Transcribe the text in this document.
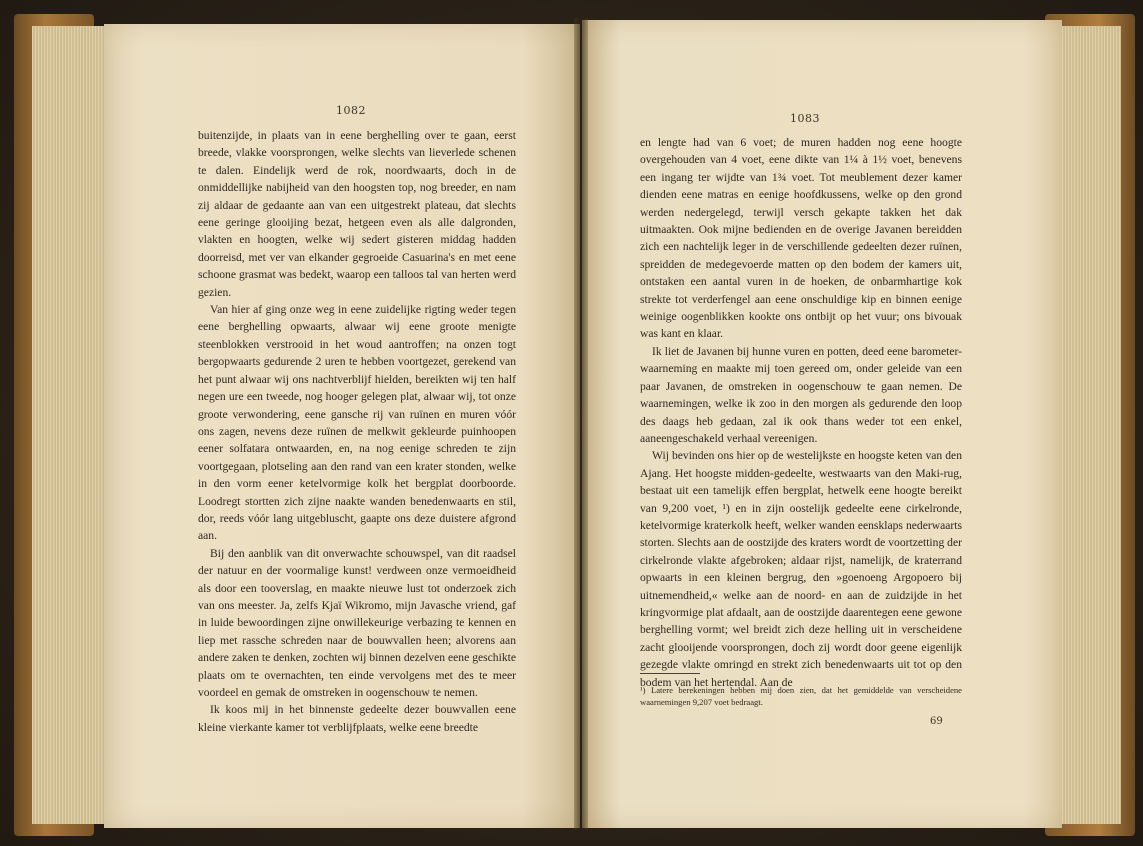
1082

buitenzijde, in plaats van in eene berghelling over te gaan, eerst breede, vlakke voorsprongen, welke slechts van lieverlede schenen te dalen. Eindelijk werd de rok, noordwaarts, doch in de onmiddellijke nabijheid van den hoogsten top, nog breeder, en nam zij aldaar de gedaante aan van een uitgestrekt plateau, dat slechts eene geringe glooijing bezat, hetgeen even als alle dalgronden, vlakten en hoogten, welke wij sedert gisteren middag hadden doorreisd, met ver van elkander gegroeide Casuarina's en met eene schoone grasmat was bedekt, waarop een talloos tal van herten werd gezien.

Van hier af ging onze weg in eene zuidelijke rigting weder tegen eene berghelling opwaarts, alwaar wij eene groote menigte steenblokken verstrooid in het woud aantroffen; na onzen togt bergopwaarts gedurende 2 uren te hebben voortgezet, gerekend van het punt alwaar wij ons nachtverblijf hielden, bereikten wij ten half negen ure een tweede, nog hooger gelegen plat, alwaar wij, tot onze groote verwondering, eene gansche rij van ruïnen en muren vóór ons zagen, nevens deze ruïnen de melkwit gekleurde puinhoopen eener solfatara ontwaarden, en, na nog eenige schreden te zijn voortgegaan, plotseling aan den rand van een krater stonden, welke in den vorm eener ketelvormige kolk het bergplat doorboorde. Loodregt stortten zich zijne naakte wanden benedenwaarts en stil, dor, reeds vóór lang uitgebluscht, gaapte ons deze duistere afgrond aan.

Bij den aanblik van dit onverwachte schouwspel, van dit raadsel der natuur en der voormalige kunst! verdween onze vermoeidheid als door een tooverslag, en maakte nieuwe lust tot onderzoek zich van ons meester. Ja, zelfs Kjaï Wikromo, mijn Javasche vriend, gaf in luide bewoordingen zijne onwillekeurige verbazing te kennen en liep met rassche schreden naar de bouwvallen heen; alvorens aan andere zaken te denken, zochten wij binnen dezelven eene geschikte plaats om te overnachten, ten einde vervolgens met des te meer voordeel en gemak de omstreken in oogenschouw te nemen.

Ik koos mij in het binnenste gedeelte dezer bouwvallen eene kleine vierkante kamer tot verblijfplaats, welke eene breedte

1083

en lengte had van 6 voet; de muren hadden nog eene hoogte overgehouden van 4 voet, eene dikte van 1¼ à 1½ voet, benevens een ingang ter wijdte van 1¾ voet. Tot meublement dezer kamer dienden eene matras en eenige hoofdkussens, welke op den grond werden nedergelegd, terwijl versch gekapte takken het dak uitmaakten. Ook mijne bedienden en de overige Javanen bereidden zich een nachtelijk leger in de verschillende gedeelten dezer ruïnen, spreidden de medegevoerde matten op den bodem der kamers uit, ontstaken een aantal vuren in de hoeken, de onbarmhartige kok strekte tot verderfengel aan eene onschuldige kip en binnen eenige weinige oogenblikken kookte ons ontbijt op het vuur; ons bivouak was kant en klaar.

Ik liet de Javanen bij hunne vuren en potten, deed eene barometer-waarneming en maakte mij toen gereed om, onder geleide van een paar Javanen, de omstreken in oogenschouw te gaan nemen. De waarnemingen, welke ik zoo in den morgen als gedurende den loop des daags heb gedaan, zal ik ook thans weder tot een enkel, aaneengeschakeld verhaal vereenigen.

Wij bevinden ons hier op de westelijkste en hoogste keten van den Ajang. Het hoogste midden-gedeelte, westwaarts van den Maki-rug, bestaat uit een tamelijk effen bergplat, hetwelk eene hoogte bereikt van 9,200 voet, ¹) en in zijn oostelijk gedeelte eene cirkelronde, ketelvormige kraterkolk heeft, welker wanden eensklaps nederwaarts storten. Slechts aan de oostzijde des kraters wordt de voortzetting der cirkelronde vlakte afgebroken; aldaar rijst, namelijk, de kraterrand opwaarts in een kleinen bergrug, den »goenoeng Argopoero bij uitnemendheid,« welke aan de noord- en aan de zuidzijde in het kringvormige plat afdaalt, aan de oostzijde daarentegen eene gewone berghelling vormt; wel breidt zich deze helling uit in verscheidene zacht glooijende voorsprongen, doch zij wordt door geene eigenlijk gezegde vlakte omringd en strekt zich benedenwaarts uit tot op den bodem van het hertendal. Aan de

¹) Latere berekeningen hebben mij doen zien, dat het gemiddelde van verscheidene waarnemingen 9,207 voet bedraagt.
69
